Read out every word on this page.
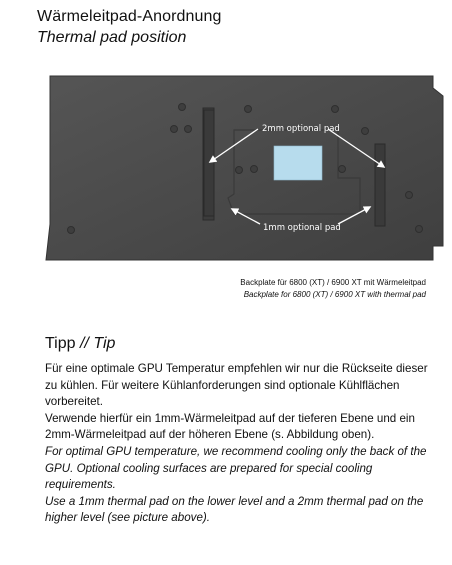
Wärmeleitpad-Anordnung
Thermal pad position
2mm optional pad
1mm optional pad
Backplate für 6800 (XT) / 6900 XT mit Wärmeleitpad
Backplate for 6800 (XT) / 6900 XT with thermal pad
Tipp // Tip

Für eine optimale GPU Temperatur empfehlen wir nur die Rückseite dieser zu kühlen. Für weitere Kühlanforderungen sind optionale Kühlflächen vorbereitet.

Verwende hierfür ein 1mm-Wärmeleitpad auf der tieferen Ebene und ein 2mm-Wärmeleitpad auf der höheren Ebene (s. Abbildung oben).

For optimal GPU temperature, we recommend cooling only the back of the GPU. Optional cooling surfaces are prepared for special cooling requirements.

Use a 1mm thermal pad on the lower level and a 2mm thermal pad on the higher level (see picture above).
